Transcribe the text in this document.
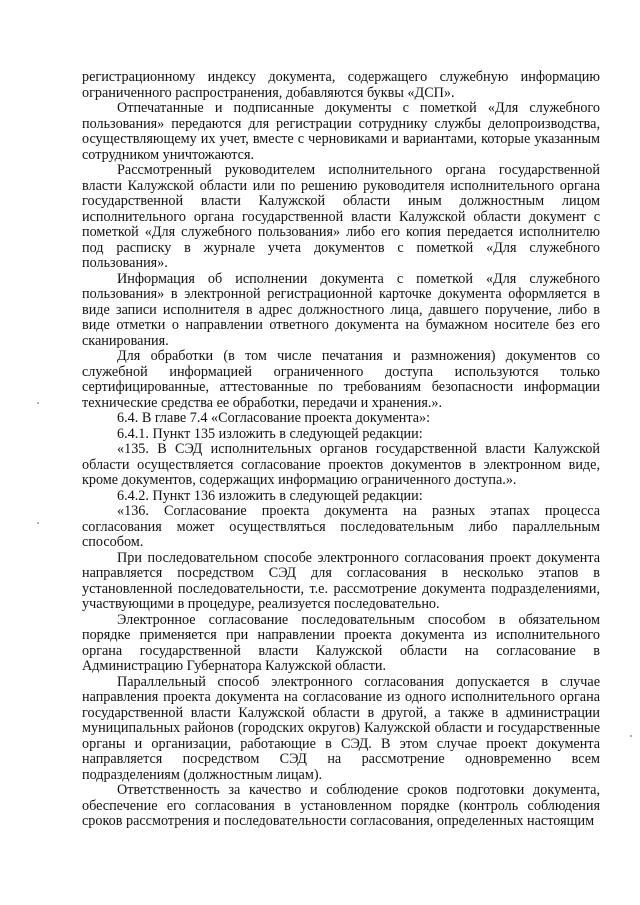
регистрационному индексу документа, содержащего служебную информацию ограниченного распространения, добавляются буквы «ДСП».

Отпечатанные и подписанные документы с пометкой «Для служебного пользования» передаются для регистрации сотруднику службы делопроизводства, осуществляющему их учет, вместе с черновиками и вариантами, которые указанным сотрудником уничтожаются.

Рассмотренный руководителем исполнительного органа государственной власти Калужской области или по решению руководителя исполнительного органа государственной власти Калужской области иным должностным лицом исполнительного органа государственной власти Калужской области документ с пометкой «Для служебного пользования» либо его копия передается исполнителю под расписку в журнале учета документов с пометкой «Для служебного пользования».

Информация об исполнении документа с пометкой «Для служебного пользования» в электронной регистрационной карточке документа оформляется в виде записи исполнителя в адрес должностного лица, давшего поручение, либо в виде отметки о направлении ответного документа на бумажном носителе без его сканирования.

Для обработки (в том числе печатания и размножения) документов со служебной информацией ограниченного доступа используются только сертифицированные, аттестованные по требованиям безопасности информации технические средства ее обработки, передачи и хранения.».

6.4. В главе 7.4 «Согласование проекта документа»:

6.4.1. Пункт 135 изложить в следующей редакции:

«135. В СЭД исполнительных органов государственной власти Калужской области осуществляется согласование проектов документов в электронном виде, кроме документов, содержащих информацию ограниченного доступа.».

6.4.2. Пункт 136 изложить в следующей редакции:

«136. Согласование проекта документа на разных этапах процесса согласования может осуществляться последовательным либо параллельным способом.

При последовательном способе электронного согласования проект документа направляется посредством СЭД для согласования в несколько этапов в установленной последовательности, т.е. рассмотрение документа подразделениями, участвующими в процедуре, реализуется последовательно.

Электронное согласование последовательным способом в обязательном порядке применяется при направлении проекта документа из исполнительного органа государственной власти Калужской области на согласование в Администрацию Губернатора Калужской области.

Параллельный способ электронного согласования допускается в случае направления проекта документа на согласование из одного исполнительного органа государственной власти Калужской области в другой, а также в администрации муниципальных районов (городских округов) Калужской области и государственные органы и организации, работающие в СЭД. В этом случае проект документа направляется посредством СЭД на рассмотрение одновременно всем подразделениям (должностным лицам).

Ответственность за качество и соблюдение сроков подготовки документа, обеспечение его согласования в установленном порядке (контроль соблюдения сроков рассмотрения и последовательности согласования, определенных настоящим
